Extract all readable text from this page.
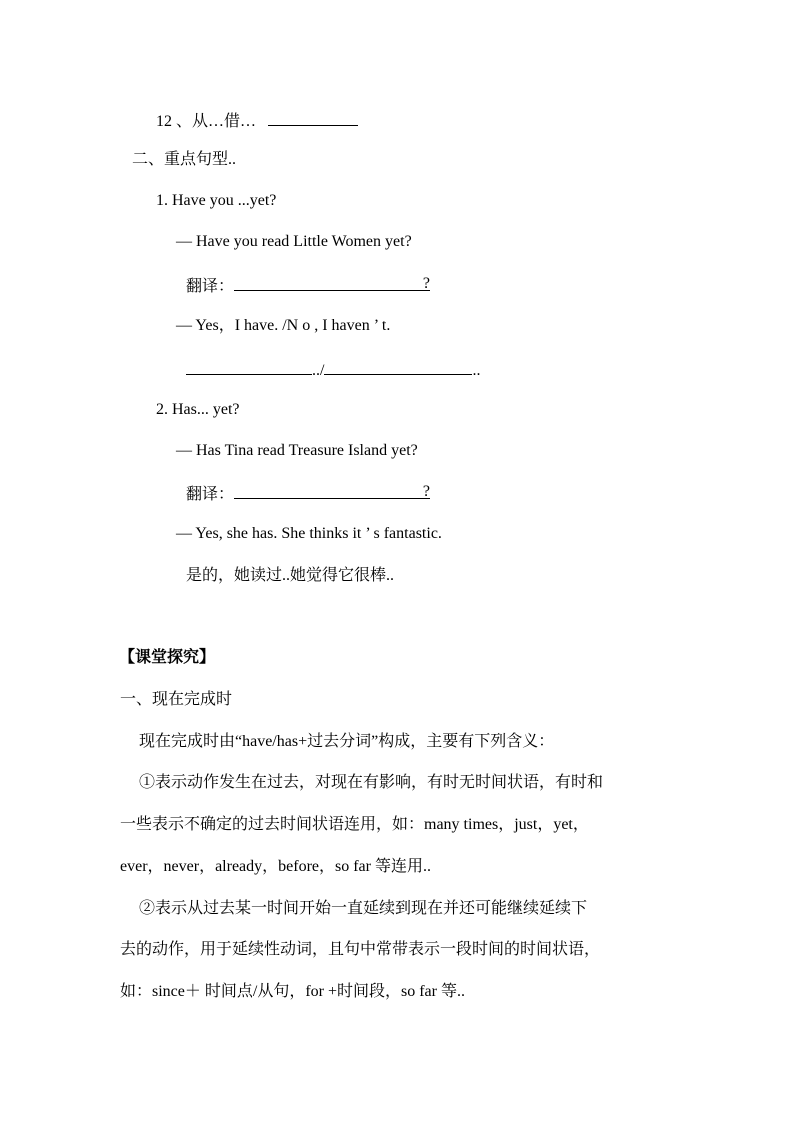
12 、从…借…
二、重点句型..
1. Have you ...yet?
— Have you read Little Women yet?
翻译：	?
— Yes，I have. /N o , I haven ’ t.
../	..
2. Has... yet?
— Has Tina read Treasure Island yet?
翻译：	?
— Yes, she has. She thinks it ’ s fantastic.
是的，她读过..她觉得它很棒..
【课堂探究】
一、现在完成时
现在完成时由“have/has+过去分词”构成，主要有下列含义：
①表示动作发生在过去，对现在有影响，有时无时间状语，有时和
一些表示不确定的过去时间状语连用，如：many times，just，yet，
ever，never，already，before，so far 等连用..
②表示从过去某一时间开始一直延续到现在并还可能继续延续下
去的动作，用于延续性动词，且句中常带表示一段时间的时间状语，
如：since＋ 时间点/从句，for +时间段，so far 等..
